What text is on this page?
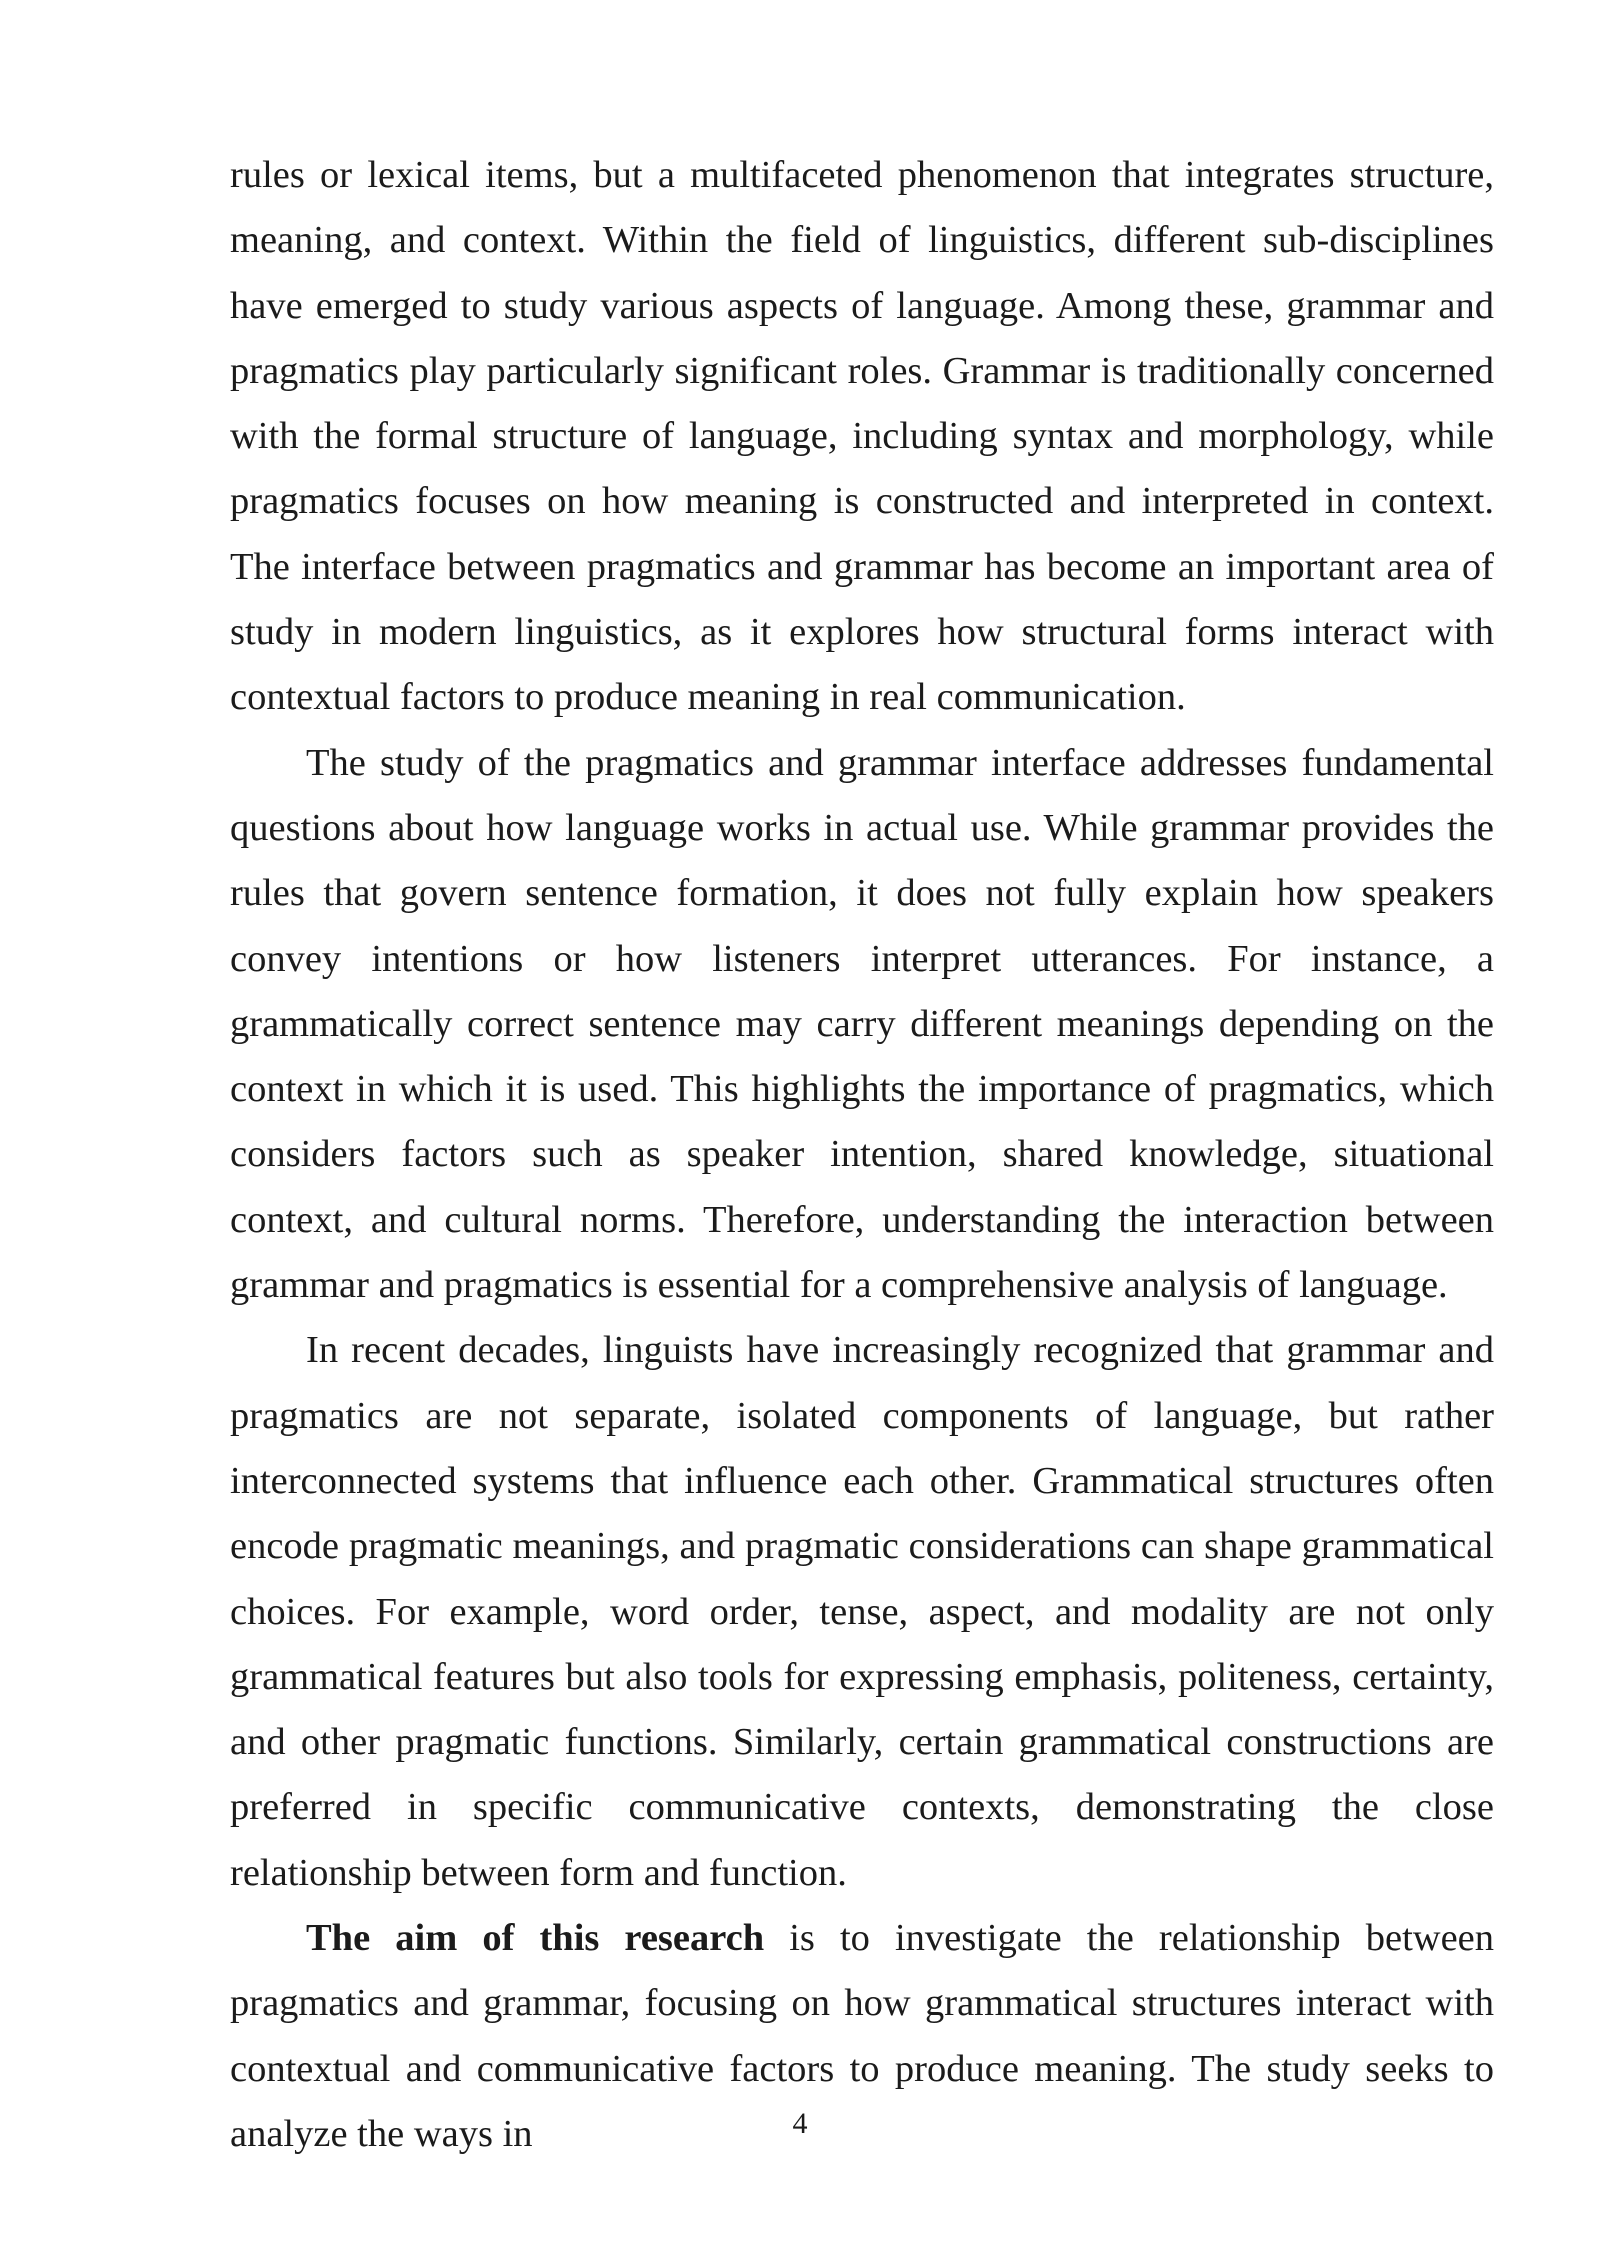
rules or lexical items, but a multifaceted phenomenon that integrates structure, meaning, and context. Within the field of linguistics, different sub-disciplines have emerged to study various aspects of language. Among these, grammar and pragmatics play particularly significant roles. Grammar is traditionally concerned with the formal structure of language, including syntax and morphology, while pragmatics focuses on how meaning is constructed and interpreted in context. The interface between pragmatics and grammar has become an important area of study in modern linguistics, as it explores how structural forms interact with contextual factors to produce meaning in real communication.

The study of the pragmatics and grammar interface addresses fundamental questions about how language works in actual use. While grammar provides the rules that govern sentence formation, it does not fully explain how speakers convey intentions or how listeners interpret utterances. For instance, a grammatically correct sentence may carry different meanings depending on the context in which it is used. This highlights the importance of pragmatics, which considers factors such as speaker intention, shared knowledge, situational context, and cultural norms. Therefore, understanding the interaction between grammar and pragmatics is essential for a comprehensive analysis of language.

In recent decades, linguists have increasingly recognized that grammar and pragmatics are not separate, isolated components of language, but rather interconnected systems that influence each other. Grammatical structures often encode pragmatic meanings, and pragmatic considerations can shape grammatical choices. For example, word order, tense, aspect, and modality are not only grammatical features but also tools for expressing emphasis, politeness, certainty, and other pragmatic functions. Similarly, certain grammatical constructions are preferred in specific communicative contexts, demonstrating the close relationship between form and function.

The aim of this research is to investigate the relationship between pragmatics and grammar, focusing on how grammatical structures interact with contextual and communicative factors to produce meaning. The study seeks to analyze the ways in	4
